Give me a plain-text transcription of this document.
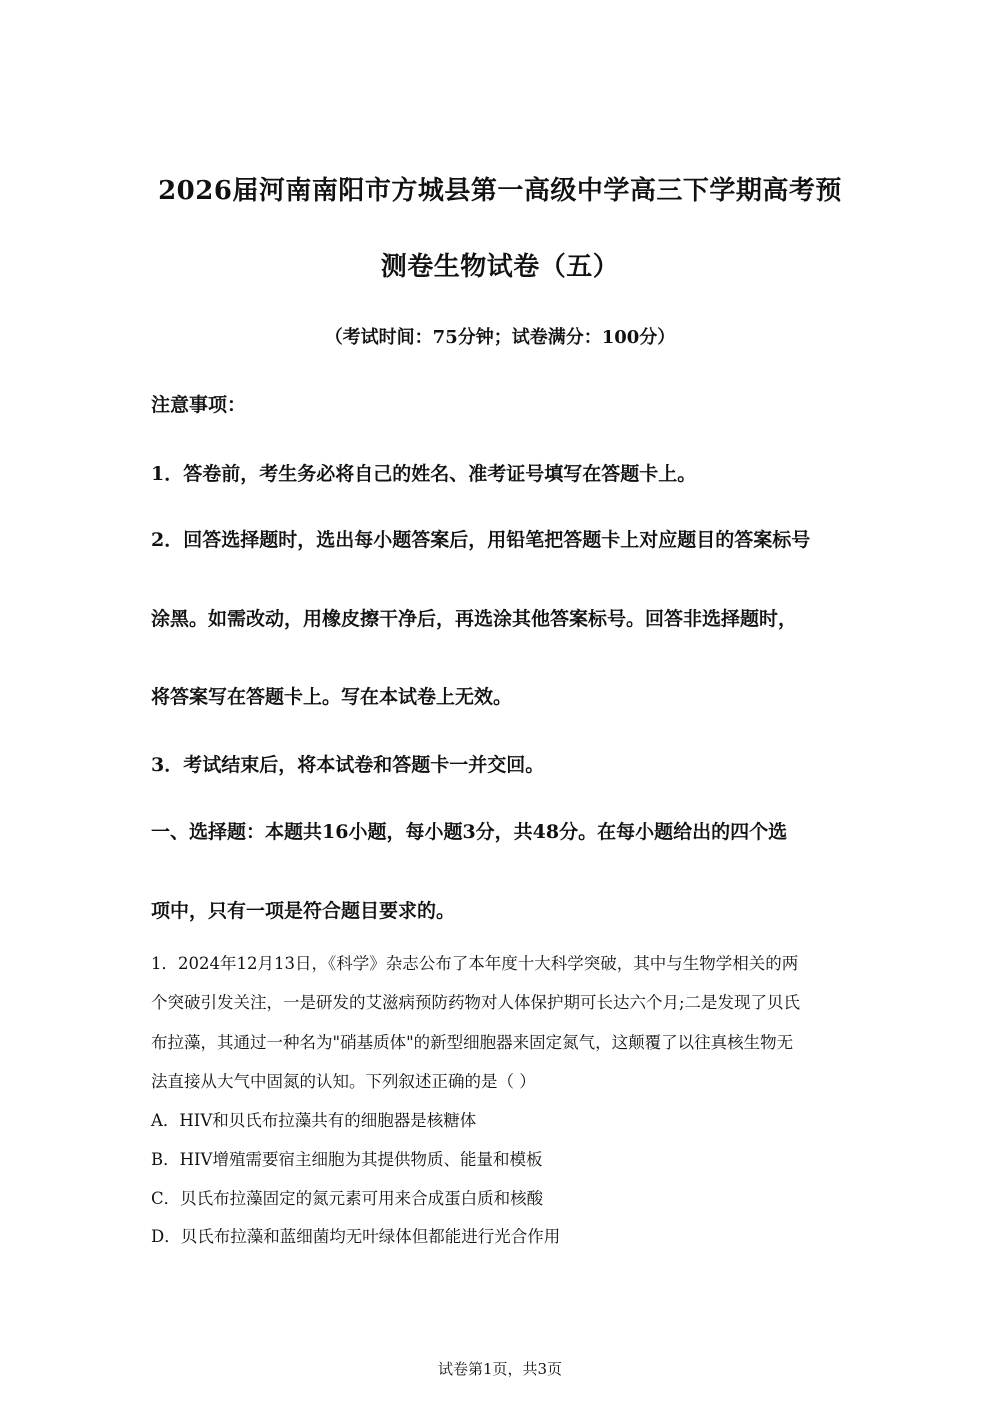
2026届河南南阳市方城县第一高级中学高三下学期高考预
测卷生物试卷（五）
（考试时间：75分钟；试卷满分：100分）
注意事项：
1．答卷前，考生务必将自己的姓名、准考证号填写在答题卡上。
2．回答选择题时，选出每小题答案后，用铅笔把答题卡上对应题目的答案标号
涂黑。如需改动，用橡皮擦干净后，再选涂其他答案标号。回答非选择题时，
将答案写在答题卡上。写在本试卷上无效。
3．考试结束后，将本试卷和答题卡一并交回。
一、选择题：本题共16小题，每小题3分，共48分。在每小题给出的四个选
项中，只有一项是符合题目要求的。
1．2024年12月13日，《科学》杂志公布了本年度十大科学突破，其中与生物学相关的两
个突破引发关注，一是研发的艾滋病预防药物对人体保护期可长达六个月;二是发现了贝氏
布拉藻，其通过一种名为"硝基质体"的新型细胞器来固定氮气，这颠覆了以往真核生物无
法直接从大气中固氮的认知。下列叙述正确的是（ ）
A．HIV和贝氏布拉藻共有的细胞器是核糖体
B．HIV增殖需要宿主细胞为其提供物质、能量和模板
C．贝氏布拉藻固定的氮元素可用来合成蛋白质和核酸
D．贝氏布拉藻和蓝细菌均无叶绿体但都能进行光合作用
试卷第1页，共3页
